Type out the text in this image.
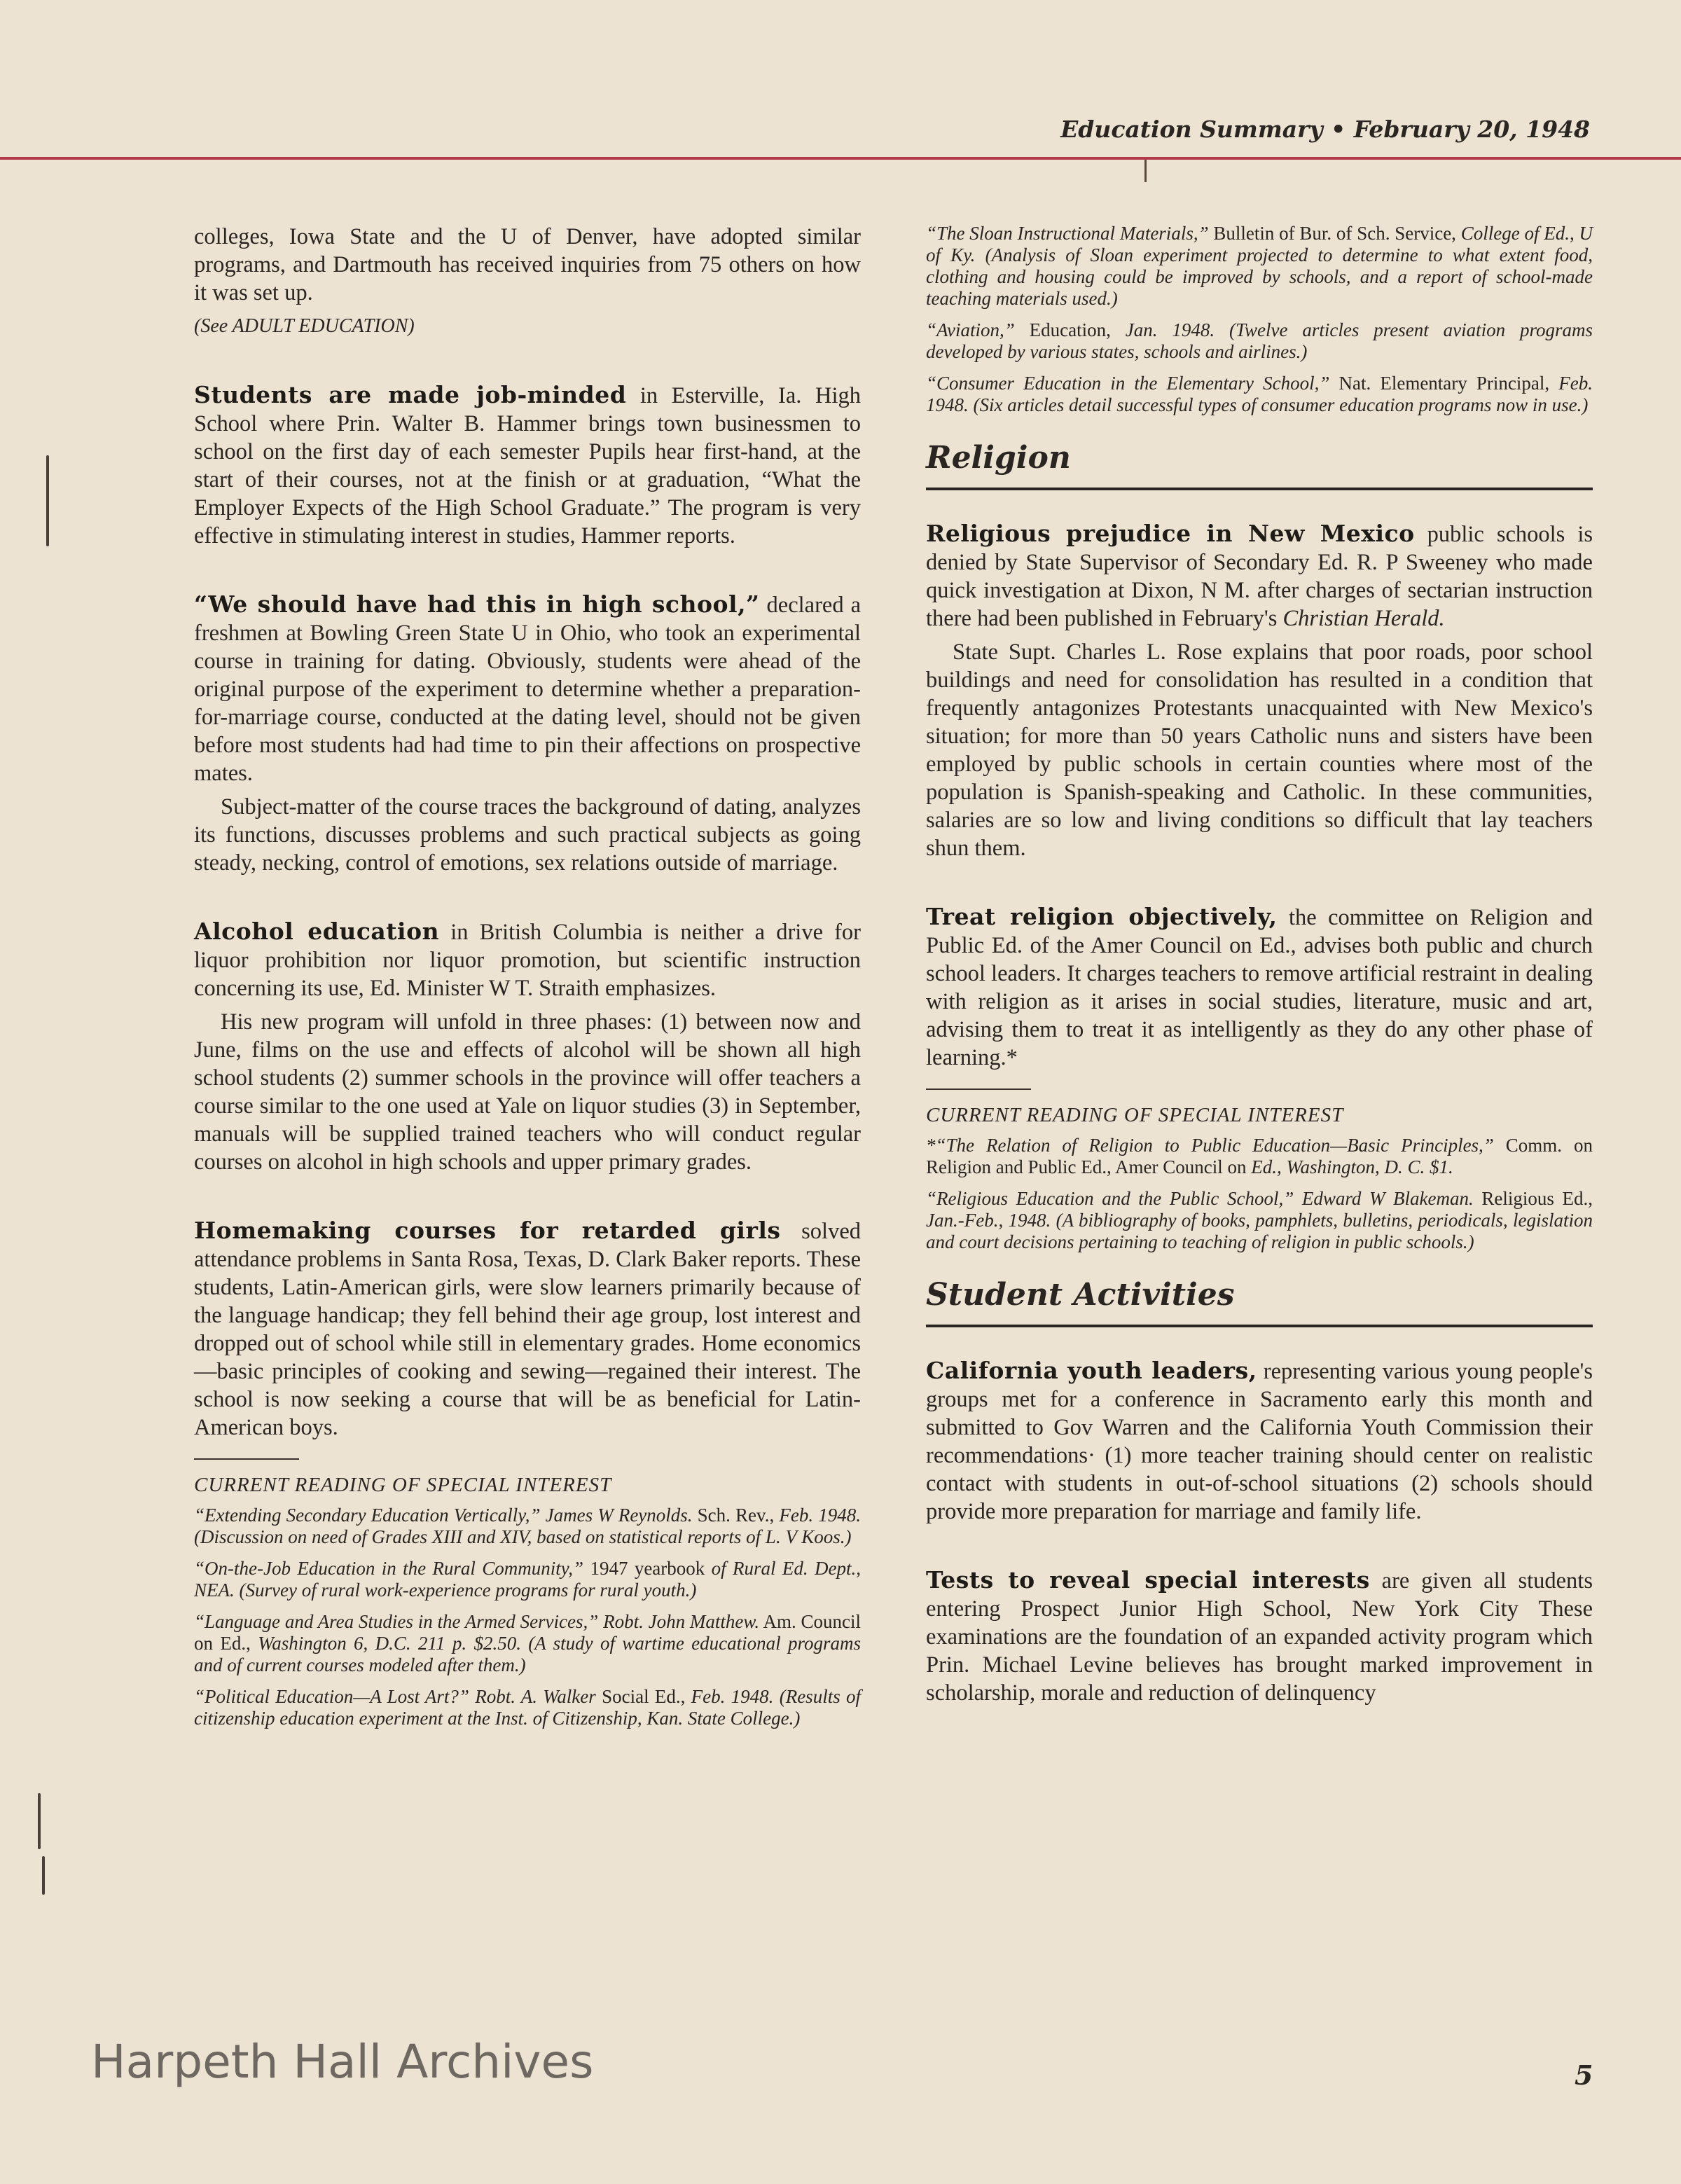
Education Summary • February 20, 1948

colleges, Iowa State and the U of Denver, have adopted similar programs, and Dartmouth has received inquiries from 75 others on how it was set up.

(See ADULT EDUCATION)

Students are made job-minded in Esterville, Ia. High School where Prin. Walter B. Hammer brings town businessmen to school on the first day of each semester Pupils hear first-hand, at the start of their courses, not at the finish or at graduation, “What the Employer Expects of the High School Graduate.” The program is very effective in stimulating interest in studies, Hammer reports.

“We should have had this in high school,” declared a freshmen at Bowling Green State U in Ohio, who took an experimental course in training for dating. Obviously, students were ahead of the original purpose of the experiment to determine whether a preparation-for-marriage course, conducted at the dating level, should not be given before most students had had time to pin their affections on prospective mates.

Subject-matter of the course traces the background of dating, analyzes its functions, discusses problems and such practical subjects as going steady, necking, control of emotions, sex relations outside of marriage.

Alcohol education in British Columbia is neither a drive for liquor prohibition nor liquor promotion, but scientific instruction concerning its use, Ed. Minister W T. Straith emphasizes.

His new program will unfold in three phases: (1) between now and June, films on the use and effects of alcohol will be shown all high school students (2) summer schools in the province will offer teachers a course similar to the one used at Yale on liquor studies (3) in September, manuals will be supplied trained teachers who will conduct regular courses on alcohol in high schools and upper primary grades.

Homemaking courses for retarded girls solved attendance problems in Santa Rosa, Texas, D. Clark Baker reports. These students, Latin-American girls, were slow learners primarily because of the language handicap; they fell behind their age group, lost interest and dropped out of school while still in elementary grades. Home economics—basic principles of cooking and sewing—regained their interest. The school is now seeking a course that will be as beneficial for Latin-American boys.

CURRENT READING OF SPECIAL INTEREST

“Extending Secondary Education Vertically,” James W Reynolds. Sch. Rev., Feb. 1948. (Discussion on need of Grades XIII and XIV, based on statistical reports of L. V Koos.)

“On-the-Job Education in the Rural Community,” 1947 yearbook of Rural Ed. Dept., NEA. (Survey of rural work-experience programs for rural youth.)

“Language and Area Studies in the Armed Services,” Robt. John Matthew. Am. Council on Ed., Washington 6, D.C. 211 p. $2.50. (A study of wartime educational programs and of current courses modeled after them.)

“Political Education—A Lost Art?” Robt. A. Walker Social Ed., Feb. 1948. (Results of citizenship education experiment at the Inst. of Citizenship, Kan. State College.)

“The Sloan Instructional Materials,” Bulletin of Bur. of Sch. Service, College of Ed., U of Ky. (Analysis of Sloan experiment projected to determine to what extent food, clothing and housing could be improved by schools, and a report of school-made teaching materials used.)

“Aviation,” Education, Jan. 1948. (Twelve articles present aviation programs developed by various states, schools and airlines.)

“Consumer Education in the Elementary School,” Nat. Elementary Principal, Feb. 1948. (Six articles detail successful types of consumer education programs now in use.)

Religion

Religious prejudice in New Mexico public schools is denied by State Supervisor of Secondary Ed. R. P Sweeney who made quick investigation at Dixon, N M. after charges of sectarian instruction there had been published in February's Christian Herald.

State Supt. Charles L. Rose explains that poor roads, poor school buildings and need for consolidation has resulted in a condition that frequently antagonizes Protestants unacquainted with New Mexico's situation; for more than 50 years Catholic nuns and sisters have been employed by public schools in certain counties where most of the population is Spanish-speaking and Catholic. In these communities, salaries are so low and living conditions so difficult that lay teachers shun them.

Treat religion objectively, the committee on Religion and Public Ed. of the Amer Council on Ed., advises both public and church school leaders. It charges teachers to remove artificial restraint in dealing with religion as it arises in social studies, literature, music and art, advising them to treat it as intelligently as they do any other phase of learning.*

CURRENT READING OF SPECIAL INTEREST

*“The Relation of Religion to Public Education—Basic Principles,” Comm. on Religion and Public Ed., Amer Council on Ed., Washington, D. C. $1.

“Religious Education and the Public School,” Edward W Blakeman. Religious Ed., Jan.-Feb., 1948. (A bibliography of books, pamphlets, bulletins, periodicals, legislation and court decisions pertaining to teaching of religion in public schools.)

Student Activities

California youth leaders, representing various young people's groups met for a conference in Sacramento early this month and submitted to Gov Warren and the California Youth Commission their recommendations· (1) more teacher training should center on realistic contact with students in out-of-school situations (2) schools should provide more preparation for marriage and family life.

Tests to reveal special interests are given all students entering Prospect Junior High School, New York City These examinations are the foundation of an expanded activity program which Prin. Michael Levine believes has brought marked improvement in scholarship, morale and reduction of delinquency

Harpeth Hall Archives	5
